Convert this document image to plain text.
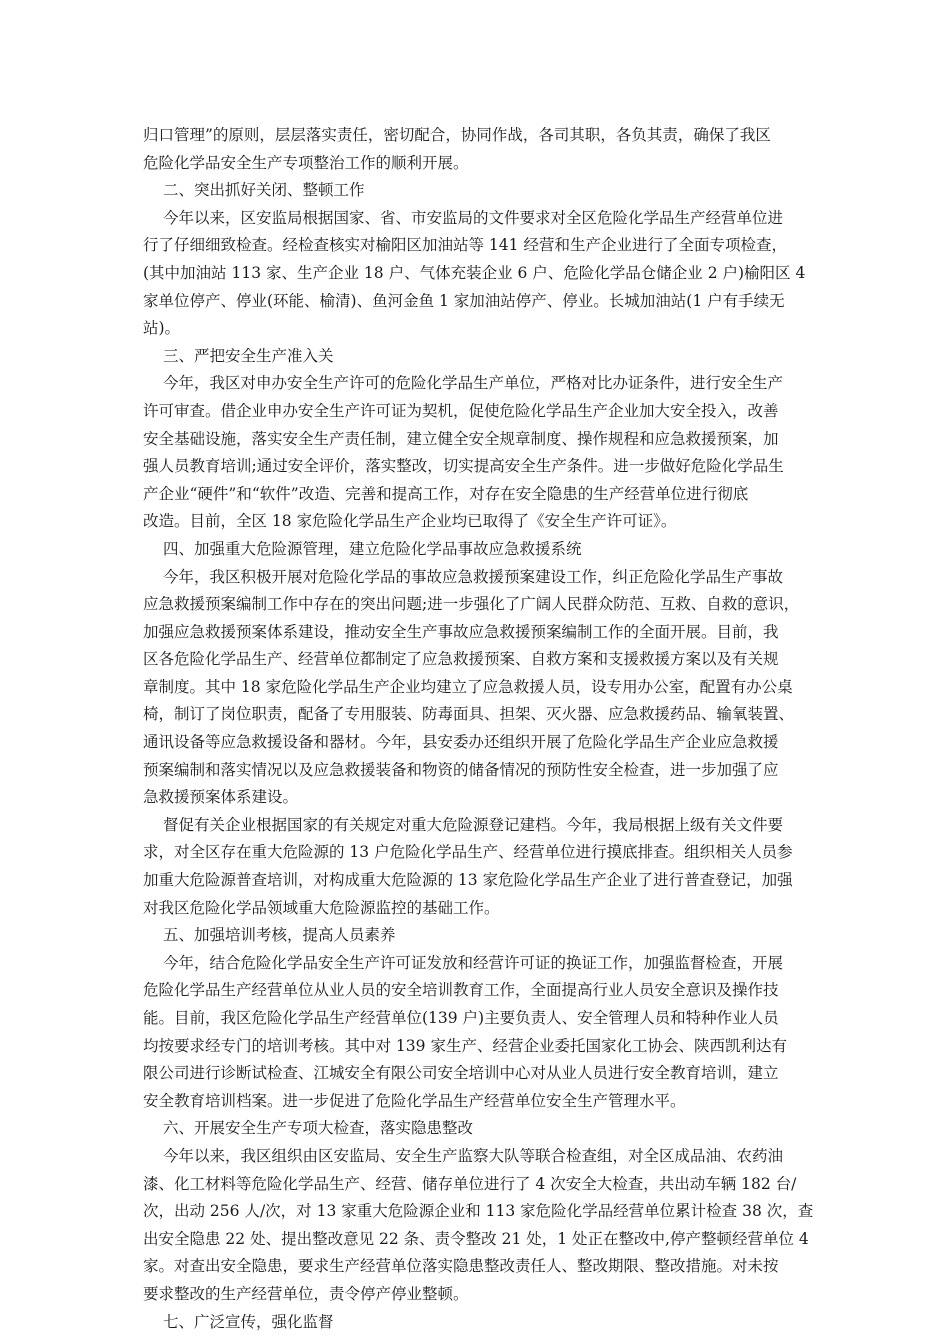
归口管理”的原则，层层落实责任，密切配合，协同作战，各司其职，各负其责，确保了我区
危险化学品安全生产专项整治工作的顺利开展。
二、突出抓好关闭、整顿工作
今年以来，区安监局根据国家、省、市安监局的文件要求对全区危险化学品生产经营单位进
行了仔细细致检查。经检查核实对榆阳区加油站等 141 经营和生产企业进行了全面专项检查，
(其中加油站 113 家、生产企业 18 户、气体充装企业 6 户、危险化学品仓储企业 2 户)榆阳区 4
家单位停产、停业(环能、榆清)、鱼河金鱼 1 家加油站停产、停业。长城加油站(1 户有手续无
站)。
三、严把安全生产准入关
今年，我区对申办安全生产许可的危险化学品生产单位，严格对比办证条件，进行安全生产
许可审查。借企业申办安全生产许可证为契机，促使危险化学品生产企业加大安全投入，改善
安全基础设施，落实安全生产责任制，建立健全安全规章制度、操作规程和应急救援预案，加
强人员教育培训;通过安全评价，落实整改，切实提高安全生产条件。进一步做好危险化学品生
产企业“硬件”和“软件”改造、完善和提高工作，对存在安全隐患的生产经营单位进行彻底
改造。目前，全区 18 家危险化学品生产企业均已取得了《安全生产许可证》。
四、加强重大危险源管理，建立危险化学品事故应急救援系统
今年，我区积极开展对危险化学品的事故应急救援预案建设工作，纠正危险化学品生产事故
应急救援预案编制工作中存在的突出问题;进一步强化了广阔人民群众防范、互救、自救的意识，
加强应急救援预案体系建设，推动安全生产事故应急救援预案编制工作的全面开展。目前，我
区各危险化学品生产、经营单位都制定了应急救援预案、自救方案和支援救援方案以及有关规
章制度。其中 18 家危险化学品生产企业均建立了应急救援人员，设专用办公室，配置有办公桌
椅，制订了岗位职责，配备了专用服装、防毒面具、担架、灭火器、应急救援药品、输氧装置、
通讯设备等应急救援设备和器材。今年，县安委办还组织开展了危险化学品生产企业应急救援
预案编制和落实情况以及应急救援装备和物资的储备情况的预防性安全检查，进一步加强了应
急救援预案体系建设。
督促有关企业根据国家的有关规定对重大危险源登记建档。今年，我局根据上级有关文件要
求，对全区存在重大危险源的 13 户危险化学品生产、经营单位进行摸底排查。组织相关人员参
加重大危险源普查培训，对构成重大危险源的 13 家危险化学品生产企业了进行普查登记，加强
对我区危险化学品领域重大危险源监控的基础工作。
五、加强培训考核，提高人员素养
今年，结合危险化学品安全生产许可证发放和经营许可证的换证工作，加强监督检查，开展
危险化学品生产经营单位从业人员的安全培训教育工作，全面提高行业人员安全意识及操作技
能。目前，我区危险化学品生产经营单位(139 户)主要负责人、安全管理人员和特种作业人员
均按要求经专门的培训考核。其中对 139 家生产、经营企业委托国家化工协会、陕西凯利达有
限公司进行诊断试检查、江城安全有限公司安全培训中心对从业人员进行安全教育培训，建立
安全教育培训档案。进一步促进了危险化学品生产经营单位安全生产管理水平。
六、开展安全生产专项大检查，落实隐患整改
今年以来，我区组织由区安监局、安全生产监察大队等联合检查组，对全区成品油、农药油
漆、化工材料等危险化学品生产、经营、储存单位进行了 4 次安全大检查，共出动车辆 182 台/
次，出动 256 人/次，对 13 家重大危险源企业和 113 家危险化学品经营单位累计检查 38 次，查
出安全隐患 22 处、提出整改意见 22 条、责令整改 21 处，1 处正在整改中,停产整顿经营单位 4
家。对查出安全隐患，要求生产经营单位落实隐患整改责任人、整改期限、整改措施。对未按
要求整改的生产经营单位，责令停产停业整顿。
七、广泛宣传，强化监督
